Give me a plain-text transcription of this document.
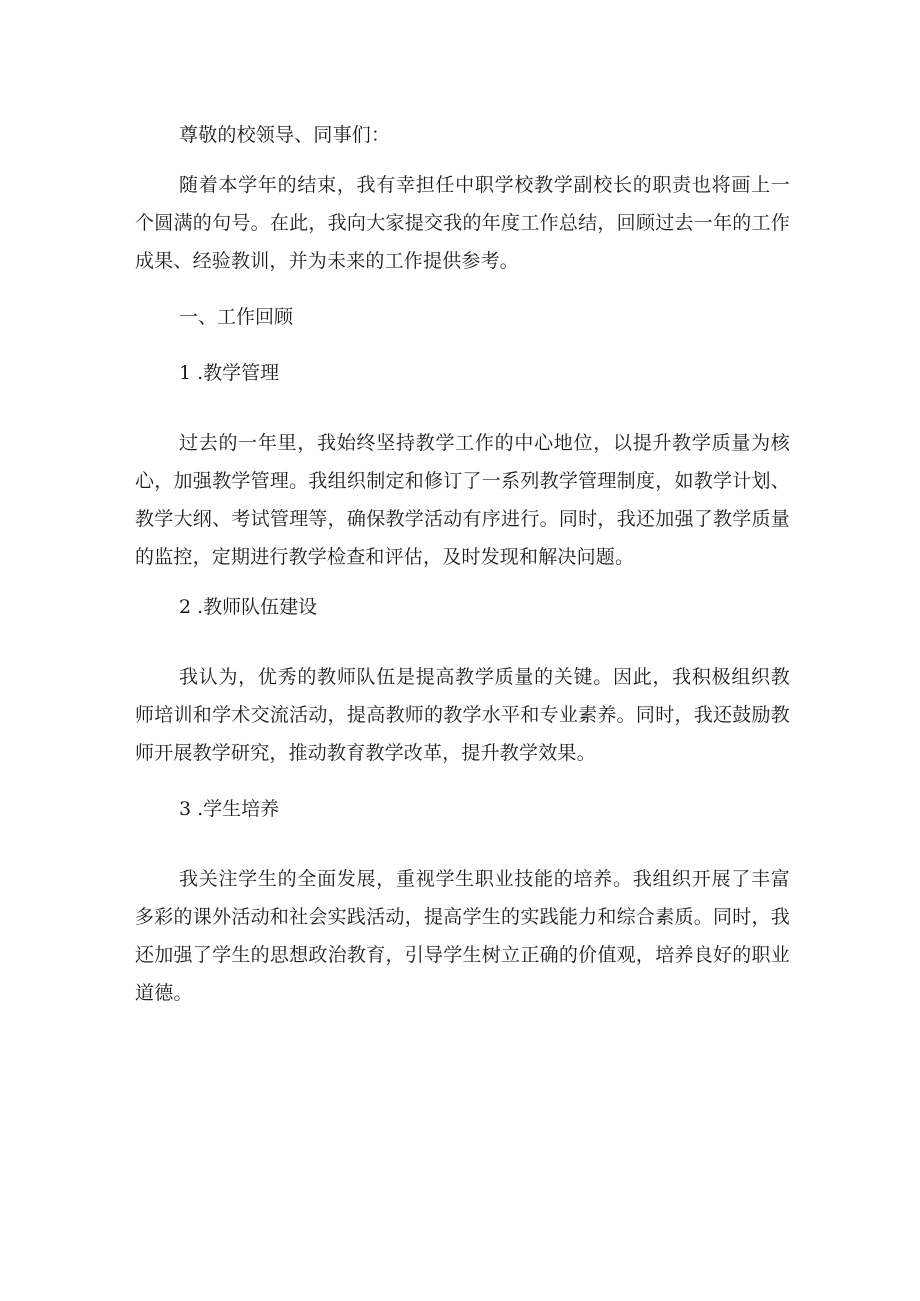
尊敬的校领导、同事们：

随着本学年的结束，我有幸担任中职学校教学副校长的职责也将画上一个圆满的句号。在此，我向大家提交我的年度工作总结，回顾过去一年的工作成果、经验教训，并为未来的工作提供参考。

一、工作回顾

1 .教学管理

过去的一年里，我始终坚持教学工作的中心地位，以提升教学质量为核心，加强教学管理。我组织制定和修订了一系列教学管理制度，如教学计划、教学大纲、考试管理等，确保教学活动有序进行。同时，我还加强了教学质量的监控，定期进行教学检查和评估，及时发现和解决问题。

2 .教师队伍建设

我认为，优秀的教师队伍是提高教学质量的关键。因此，我积极组织教师培训和学术交流活动，提高教师的教学水平和专业素养。同时，我还鼓励教师开展教学研究，推动教育教学改革，提升教学效果。

3 .学生培养

我关注学生的全面发展，重视学生职业技能的培养。我组织开展了丰富多彩的课外活动和社会实践活动，提高学生的实践能力和综合素质。同时，我还加强了学生的思想政治教育，引导学生树立正确的价值观，培养良好的职业道德。
